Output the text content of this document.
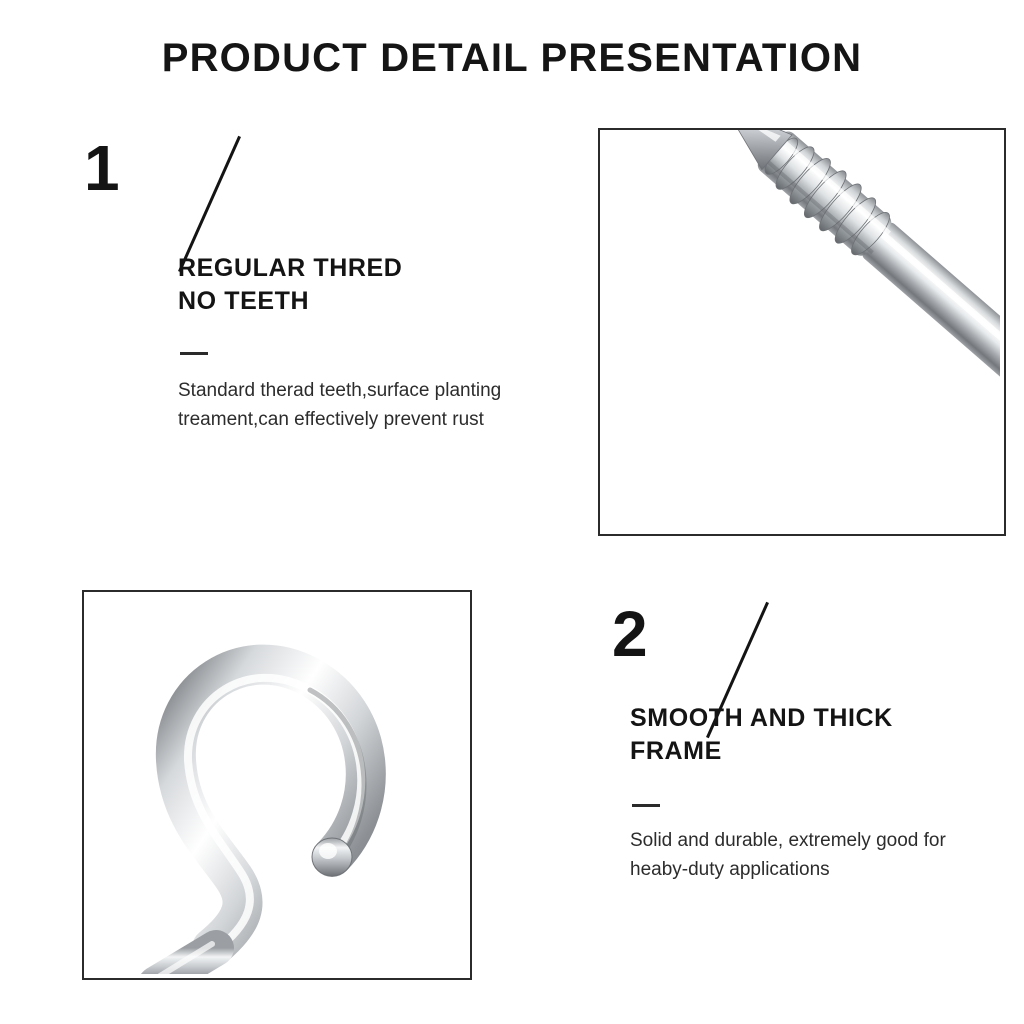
PRODUCT DETAIL PRESENTATION
1
REGULAR THRED
NO TEETH
Standard therad teeth,surface planting treament,can effectively prevent rust
2
SMOOTH AND THICK
FRAME
Solid and durable, extremely good for heaby-duty applications
